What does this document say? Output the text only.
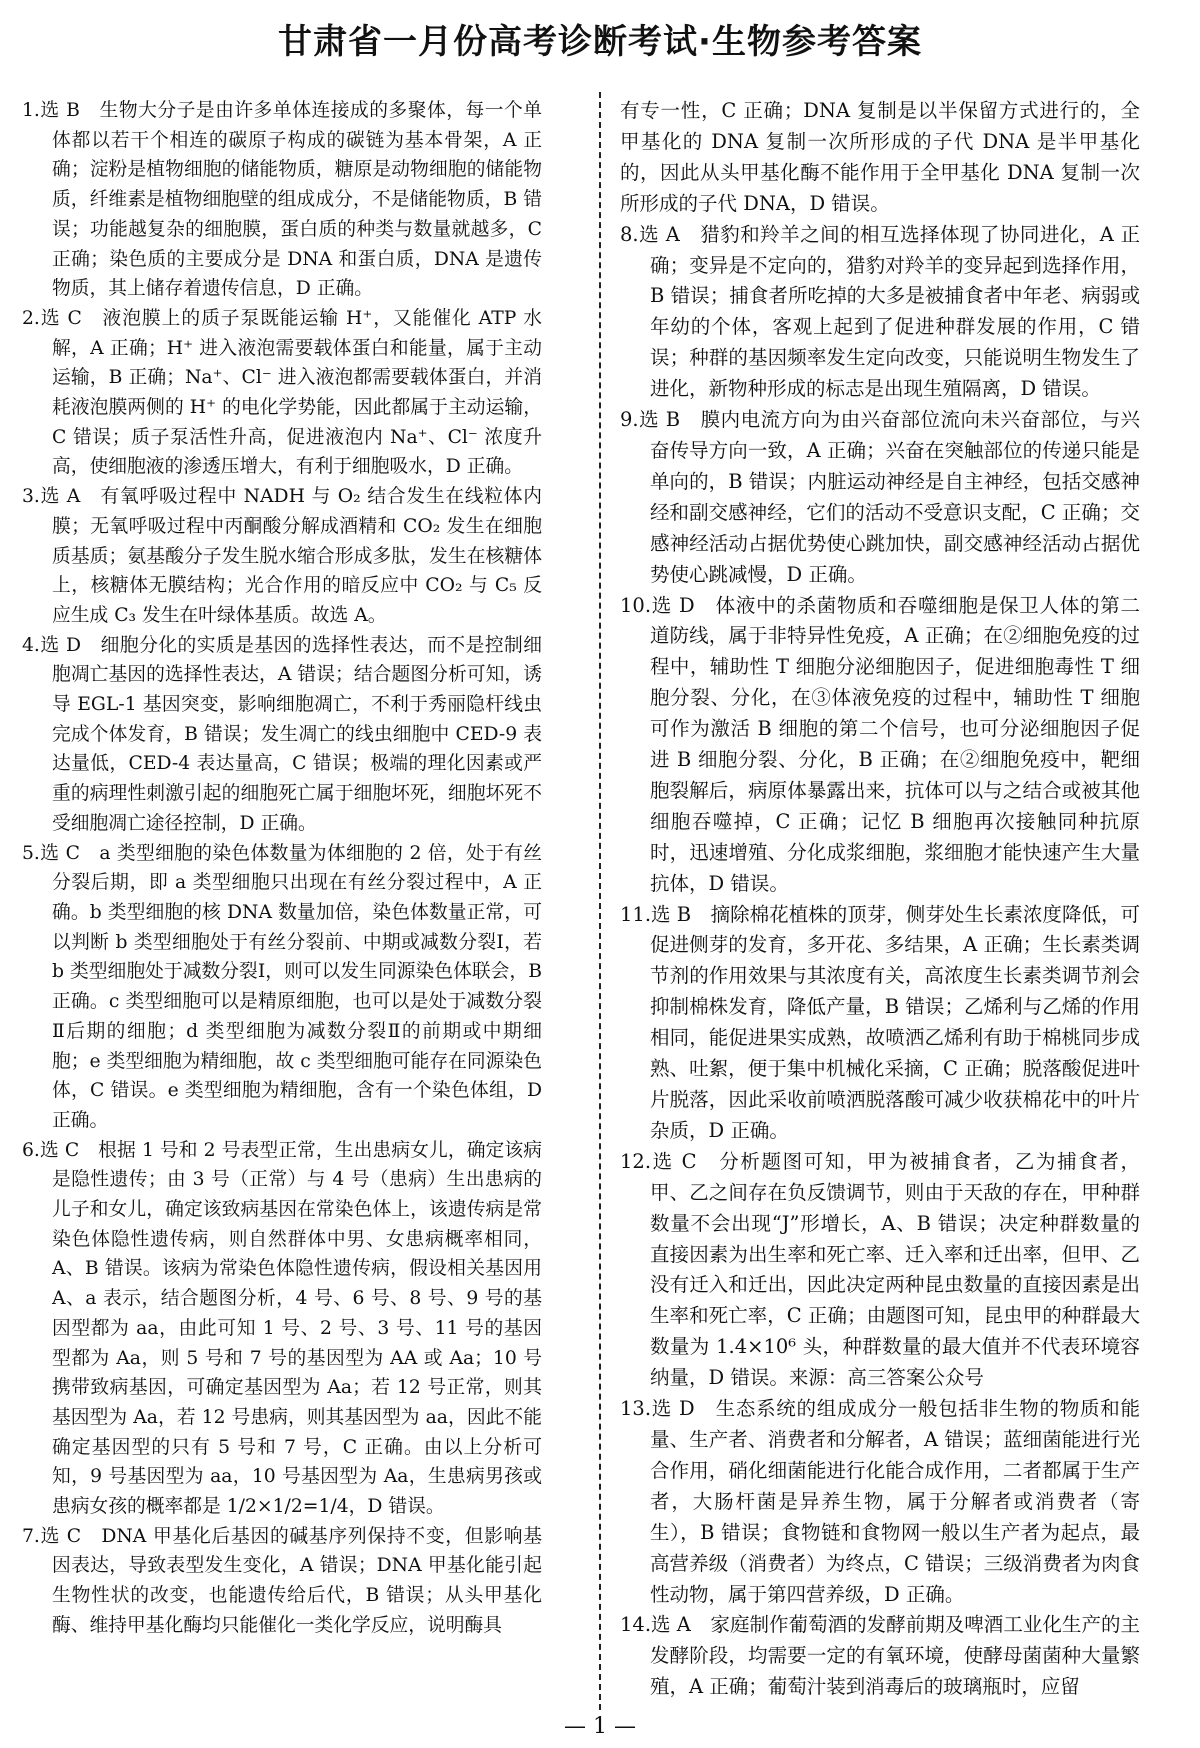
甘肃省一月份高考诊断考试·生物参考答案

1.选 B　生物大分子是由许多单体连接成的多聚体，每一个单体都以若干个相连的碳原子构成的碳链为基本骨架，A 正确；淀粉是植物细胞的储能物质，糖原是动物细胞的储能物质，纤维素是植物细胞壁的组成成分，不是储能物质，B 错误；功能越复杂的细胞膜，蛋白质的种类与数量就越多，C 正确；染色质的主要成分是 DNA 和蛋白质，DNA 是遗传物质，其上储存着遗传信息，D 正确。

2.选 C　液泡膜上的质子泵既能运输 H⁺，又能催化 ATP 水解，A 正确；H⁺ 进入液泡需要载体蛋白和能量，属于主动运输，B 正确；Na⁺、Cl⁻ 进入液泡都需要载体蛋白，并消耗液泡膜两侧的 H⁺ 的电化学势能，因此都属于主动运输，C 错误；质子泵活性升高，促进液泡内 Na⁺、Cl⁻ 浓度升高，使细胞液的渗透压增大，有利于细胞吸水，D 正确。

3.选 A　有氧呼吸过程中 NADH 与 O₂ 结合发生在线粒体内膜；无氧呼吸过程中丙酮酸分解成酒精和 CO₂ 发生在细胞质基质；氨基酸分子发生脱水缩合形成多肽，发生在核糖体上，核糖体无膜结构；光合作用的暗反应中 CO₂ 与 C₅ 反应生成 C₃ 发生在叶绿体基质。故选 A。

4.选 D　细胞分化的实质是基因的选择性表达，而不是控制细胞凋亡基因的选择性表达，A 错误；结合题图分析可知，诱导 EGL-1 基因突变，影响细胞凋亡，不利于秀丽隐杆线虫完成个体发育，B 错误；发生凋亡的线虫细胞中 CED-9 表达量低，CED-4 表达量高，C 错误；极端的理化因素或严重的病理性刺激引起的细胞死亡属于细胞坏死，细胞坏死不受细胞凋亡途径控制，D 正确。

5.选 C　a 类型细胞的染色体数量为体细胞的 2 倍，处于有丝分裂后期，即 a 类型细胞只出现在有丝分裂过程中，A 正确。b 类型细胞的核 DNA 数量加倍，染色体数量正常，可以判断 b 类型细胞处于有丝分裂前、中期或减数分裂Ⅰ，若 b 类型细胞处于减数分裂Ⅰ，则可以发生同源染色体联会，B 正确。c 类型细胞可以是精原细胞，也可以是处于减数分裂Ⅱ后期的细胞；d 类型细胞为减数分裂Ⅱ的前期或中期细胞；e 类型细胞为精细胞，故 c 类型细胞可能存在同源染色体，C 错误。e 类型细胞为精细胞，含有一个染色体组，D 正确。

6.选 C　根据 1 号和 2 号表型正常，生出患病女儿，确定该病是隐性遗传；由 3 号（正常）与 4 号（患病）生出患病的儿子和女儿，确定该致病基因在常染色体上，该遗传病是常染色体隐性遗传病，则自然群体中男、女患病概率相同，A、B 错误。该病为常染色体隐性遗传病，假设相关基因用 A、a 表示，结合题图分析，4 号、6 号、8 号、9 号的基因型都为 aa，由此可知 1 号、2 号、3 号、11 号的基因型都为 Aa，则 5 号和 7 号的基因型为 AA 或 Aa；10 号携带致病基因，可确定基因型为 Aa；若 12 号正常，则其基因型为 Aa，若 12 号患病，则其基因型为 aa，因此不能确定基因型的只有 5 号和 7 号，C 正确。由以上分析可知，9 号基因型为 aa，10 号基因型为 Aa，生患病男孩或患病女孩的概率都是 1/2×1/2=1/4，D 错误。

7.选 C　DNA 甲基化后基因的碱基序列保持不变，但影响基因表达，导致表型发生变化，A 错误；DNA 甲基化能引起生物性状的改变，也能遗传给后代，B 错误；从头甲基化酶、维持甲基化酶均只能催化一类化学反应，说明酶具

有专一性，C 正确；DNA 复制是以半保留方式进行的，全甲基化的 DNA 复制一次所形成的子代 DNA 是半甲基化的，因此从头甲基化酶不能作用于全甲基化 DNA 复制一次所形成的子代 DNA，D 错误。

8.选 A　猎豹和羚羊之间的相互选择体现了协同进化，A 正确；变异是不定向的，猎豹对羚羊的变异起到选择作用，B 错误；捕食者所吃掉的大多是被捕食者中年老、病弱或年幼的个体，客观上起到了促进种群发展的作用，C 错误；种群的基因频率发生定向改变，只能说明生物发生了进化，新物种形成的标志是出现生殖隔离，D 错误。

9.选 B　膜内电流方向为由兴奋部位流向未兴奋部位，与兴奋传导方向一致，A 正确；兴奋在突触部位的传递只能是单向的，B 错误；内脏运动神经是自主神经，包括交感神经和副交感神经，它们的活动不受意识支配，C 正确；交感神经活动占据优势使心跳加快，副交感神经活动占据优势使心跳减慢，D 正确。

10.选 D　体液中的杀菌物质和吞噬细胞是保卫人体的第二道防线，属于非特异性免疫，A 正确；在②细胞免疫的过程中，辅助性 T 细胞分泌细胞因子，促进细胞毒性 T 细胞分裂、分化，在③体液免疫的过程中，辅助性 T 细胞可作为激活 B 细胞的第二个信号，也可分泌细胞因子促进 B 细胞分裂、分化，B 正确；在②细胞免疫中，靶细胞裂解后，病原体暴露出来，抗体可以与之结合或被其他细胞吞噬掉，C 正确；记忆 B 细胞再次接触同种抗原时，迅速增殖、分化成浆细胞，浆细胞才能快速产生大量抗体，D 错误。

11.选 B　摘除棉花植株的顶芽，侧芽处生长素浓度降低，可促进侧芽的发育，多开花、多结果，A 正确；生长素类调节剂的作用效果与其浓度有关，高浓度生长素类调节剂会抑制棉株发育，降低产量，B 错误；乙烯利与乙烯的作用相同，能促进果实成熟，故喷洒乙烯利有助于棉桃同步成熟、吐絮，便于集中机械化采摘，C 正确；脱落酸促进叶片脱落，因此采收前喷洒脱落酸可减少收获棉花中的叶片杂质，D 正确。

12.选 C　分析题图可知，甲为被捕食者，乙为捕食者，甲、乙之间存在负反馈调节，则由于天敌的存在，甲种群数量不会出现“J”形增长，A、B 错误；决定种群数量的直接因素为出生率和死亡率、迁入率和迁出率，但甲、乙没有迁入和迁出，因此决定两种昆虫数量的直接因素是出生率和死亡率，C 正确；由题图可知，昆虫甲的种群最大数量为 1.4×10⁶ 头，种群数量的最大值并不代表环境容纳量，D 错误。来源：高三答案公众号

13.选 D　生态系统的组成成分一般包括非生物的物质和能量、生产者、消费者和分解者，A 错误；蓝细菌能进行光合作用，硝化细菌能进行化能合成作用，二者都属于生产者，大肠杆菌是异养生物，属于分解者或消费者（寄生），B 错误；食物链和食物网一般以生产者为起点，最高营养级（消费者）为终点，C 错误；三级消费者为肉食性动物，属于第四营养级，D 正确。

14.选 A　家庭制作葡萄酒的发酵前期及啤酒工业化生产的主发酵阶段，均需要一定的有氧环境，使酵母菌菌种大量繁殖，A 正确；葡萄汁装到消毒后的玻璃瓶时，应留

— 1 —
